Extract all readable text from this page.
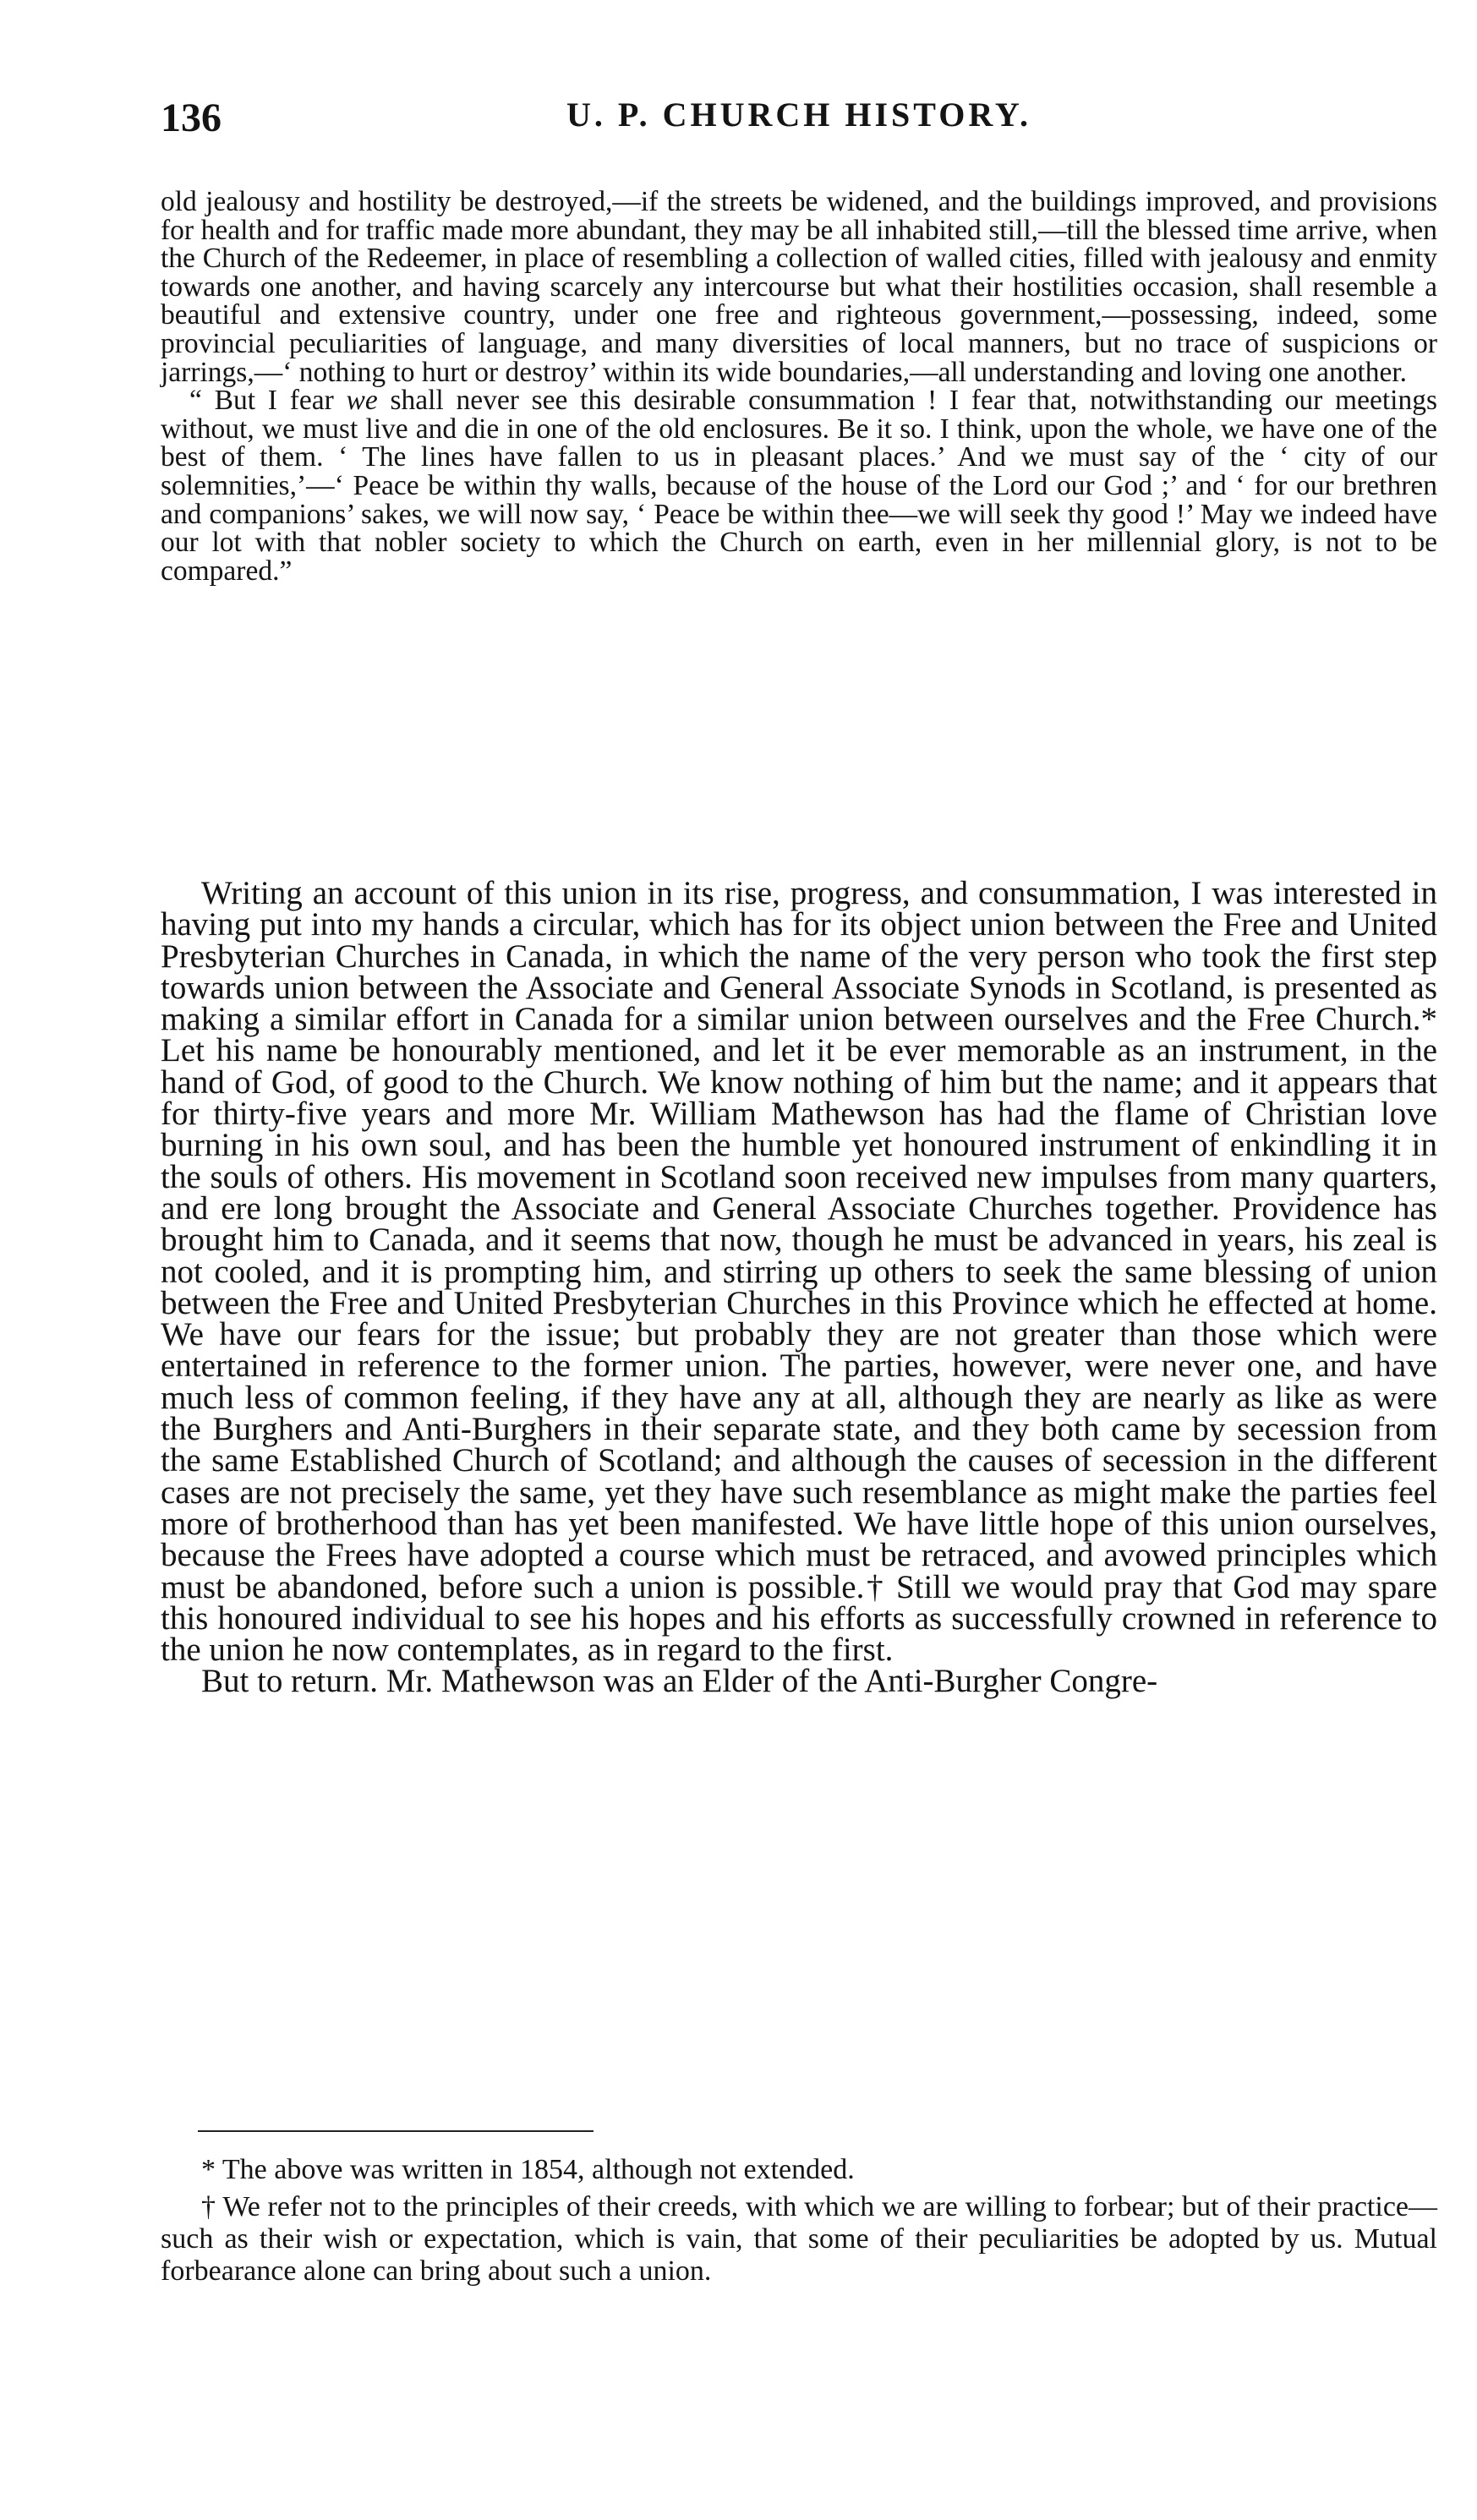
136	U. P. CHURCH HISTORY.

old jealousy and hostility be destroyed,—if the streets be widened, and the buildings improved, and provisions for health and for traffic made more abundant, they may be all inhabited still,—till the blessed time arrive, when the Church of the Redeemer, in place of resembling a collection of walled cities, filled with jealousy and enmity towards one another, and having scarcely any intercourse but what their hostilities occasion, shall resemble a beautiful and extensive country, under one free and righteous government,—possessing, indeed, some provincial peculiarities of language, and many diversities of local manners, but no trace of suspicions or jarrings,—‘ nothing to hurt or destroy’ within its wide boundaries,—all understanding and loving one another.

“ But I fear we shall never see this desirable consummation ! I fear that, notwithstanding our meetings without, we must live and die in one of the old enclosures. Be it so. I think, upon the whole, we have one of the best of them. ‘ The lines have fallen to us in pleasant places.’ And we must say of the ‘ city of our solemnities,’—‘ Peace be within thy walls, because of the house of the Lord our God ;’ and ‘ for our brethren and companions’ sakes, we will now say, ‘ Peace be within thee—we will seek thy good !’ May we indeed have our lot with that nobler society to which the Church on earth, even in her millennial glory, is not to be compared.”

Writing an account of this union in its rise, progress, and consummation, I was interested in having put into my hands a circular, which has for its object union between the Free and United Presbyterian Churches in Canada, in which the name of the very person who took the first step towards union between the Associate and General Associate Synods in Scotland, is presented as making a similar effort in Canada for a similar union between ourselves and the Free Church.* Let his name be honourably mentioned, and let it be ever memorable as an instrument, in the hand of God, of good to the Church. We know nothing of him but the name; and it appears that for thirty-five years and more Mr. William Mathewson has had the flame of Christian love burning in his own soul, and has been the humble yet honoured instrument of enkindling it in the souls of others. His movement in Scotland soon received new impulses from many quarters, and ere long brought the Associate and General Associate Churches together. Providence has brought him to Canada, and it seems that now, though he must be advanced in years, his zeal is not cooled, and it is prompting him, and stirring up others to seek the same blessing of union between the Free and United Presbyterian Churches in this Province which he effected at home. We have our fears for the issue; but probably they are not greater than those which were entertained in reference to the former union. The parties, however, were never one, and have much less of common feeling, if they have any at all, although they are nearly as like as were the Burghers and Anti-Burghers in their separate state, and they both came by secession from the same Established Church of Scotland; and although the causes of secession in the different cases are not precisely the same, yet they have such resemblance as might make the parties feel more of brotherhood than has yet been manifested. We have little hope of this union ourselves, because the Frees have adopted a course which must be retraced, and avowed principles which must be abandoned, before such a union is possible.† Still we would pray that God may spare this honoured individual to see his hopes and his efforts as successfully crowned in reference to the union he now contemplates, as in regard to the first.

But to return. Mr. Mathewson was an Elder of the Anti-Burgher Congre-

* The above was written in 1854, although not extended.

† We refer not to the principles of their creeds, with which we are willing to forbear; but of their practice—such as their wish or expectation, which is vain, that some of their peculiarities be adopted by us. Mutual forbearance alone can bring about such a union.
